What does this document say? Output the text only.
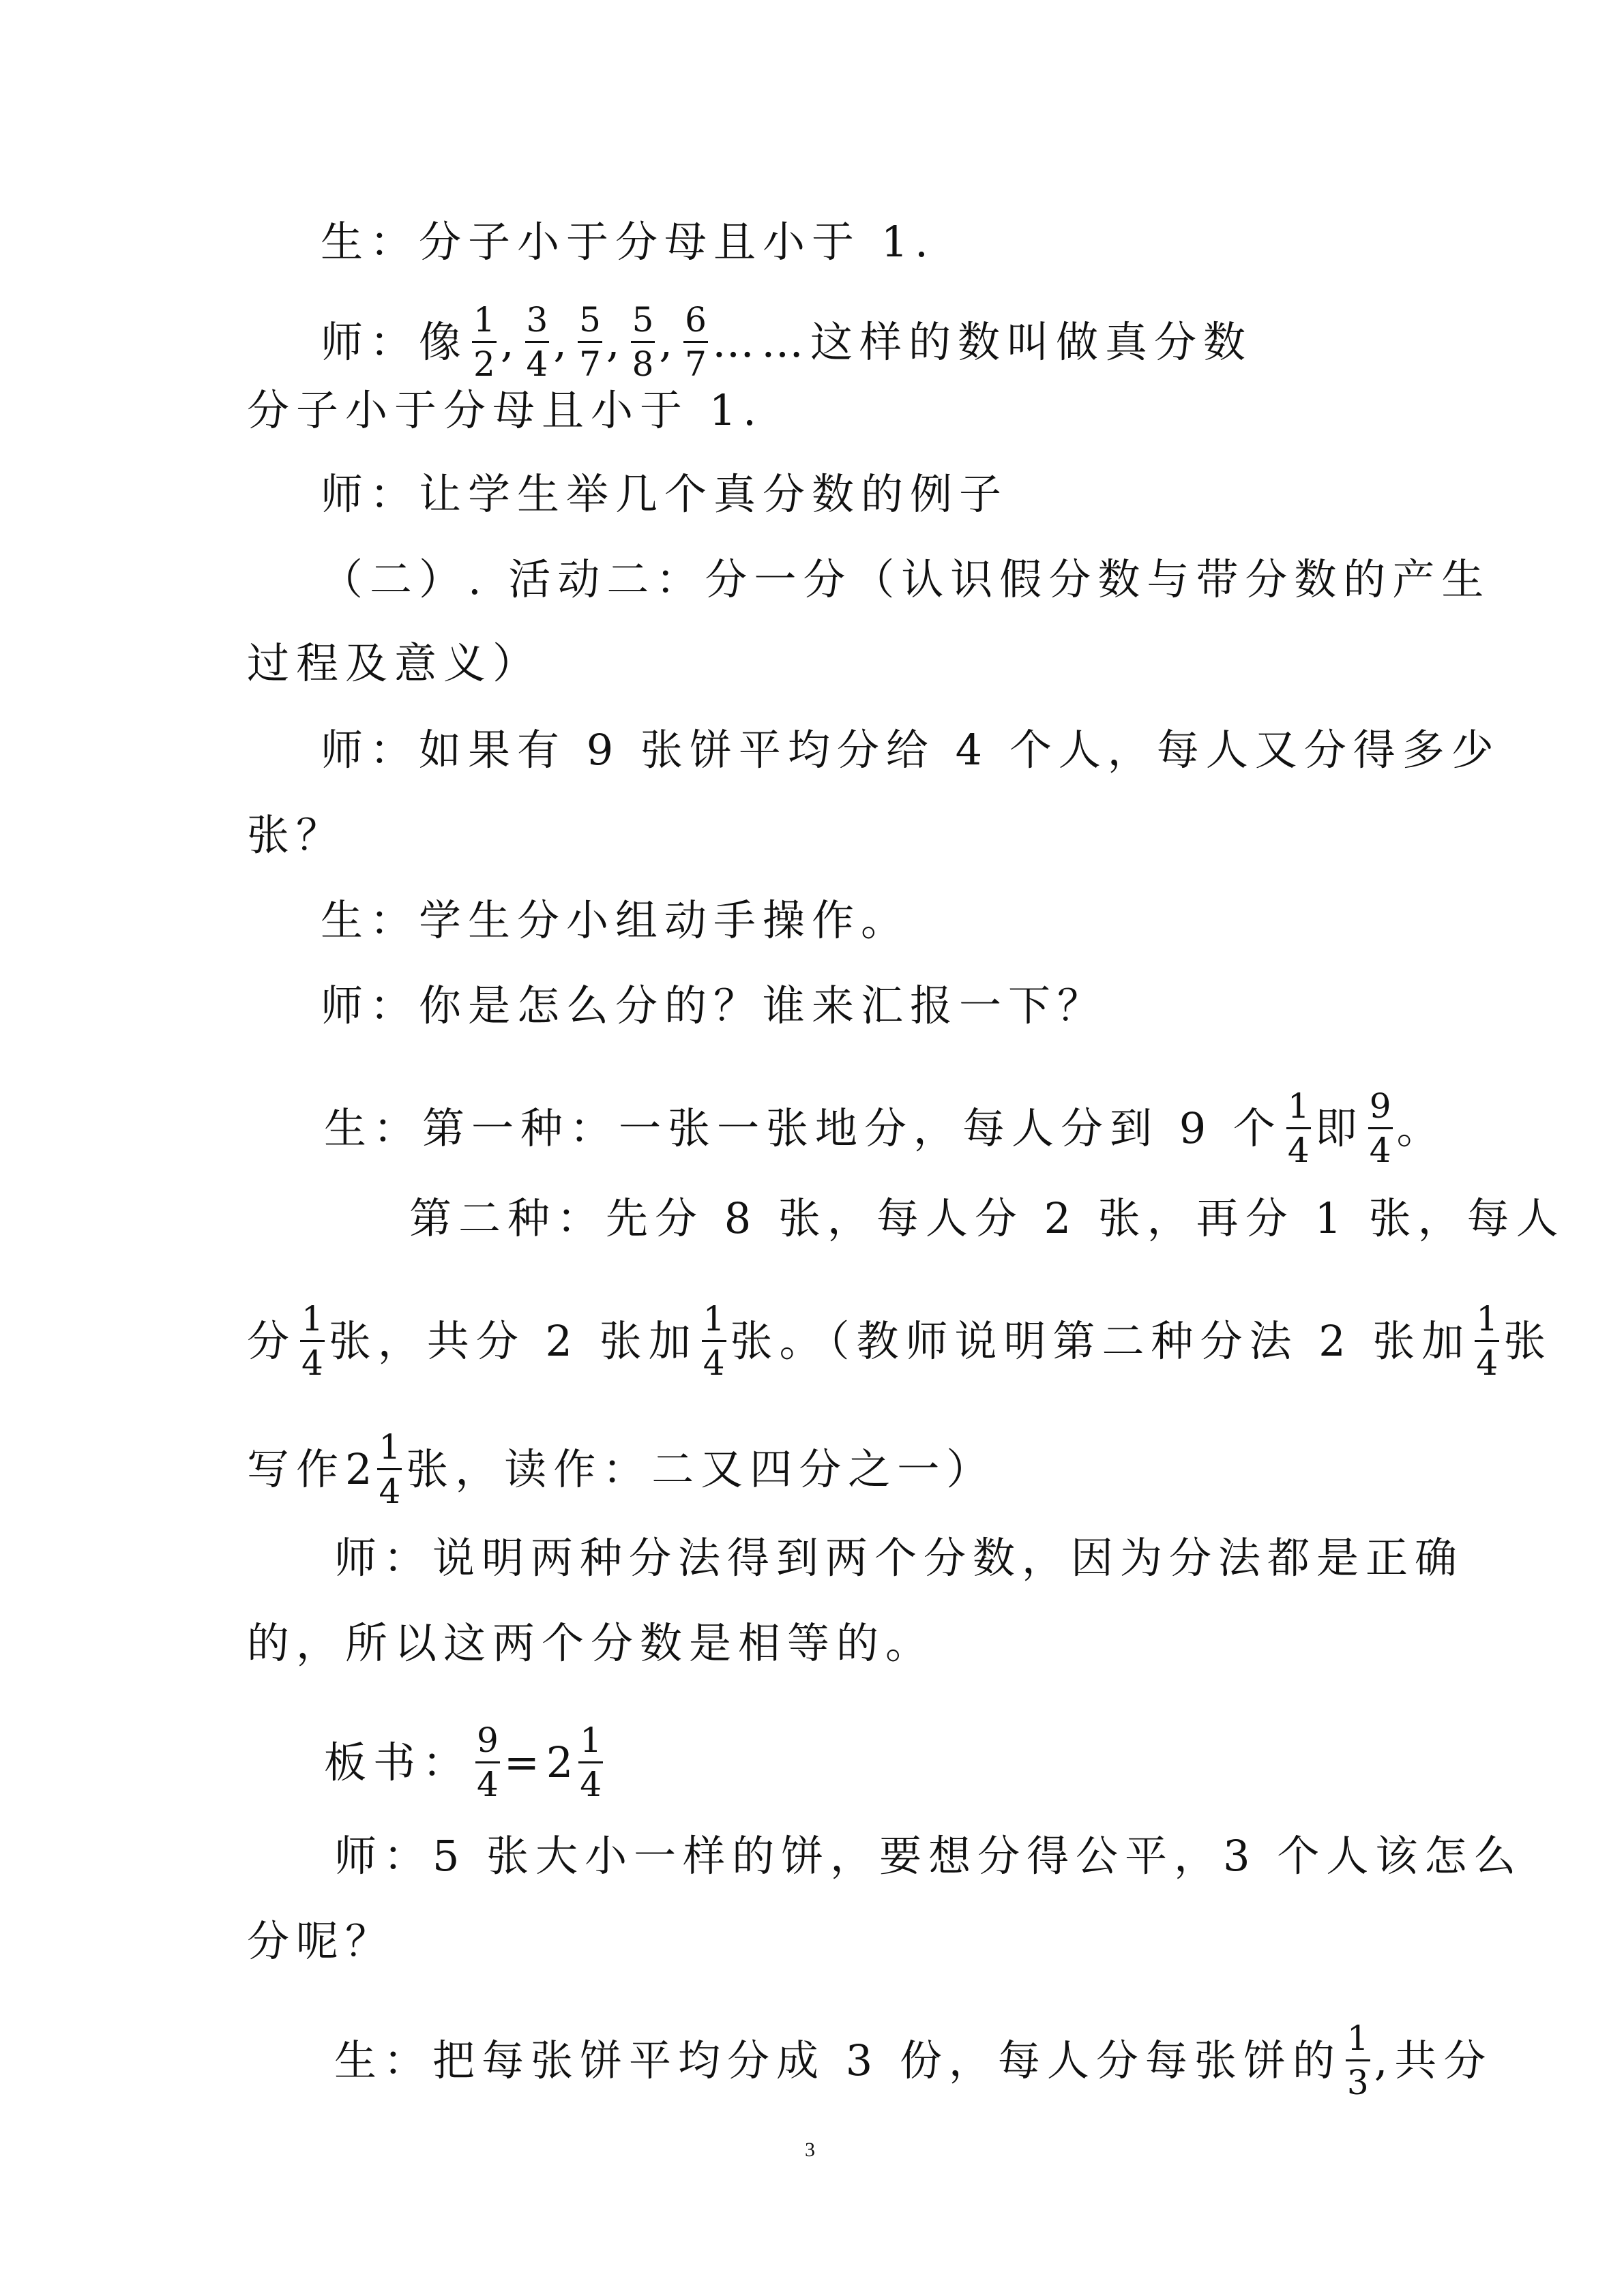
生：分子小于分母且小于 1.
师：像 $\frac{1}{2}$ , $\frac{3}{4}$ , $\frac{5}{7}$ , $\frac{5}{8}$ , $\frac{6}{7}$ ……这样的数叫做真分数
分子小于分母且小于 1.
师：让学生举几个真分数的例子
（二）. 活动二：分一分（认识假分数与带分数的产生
过程及意义）
师：如果有 9 张饼平均分给 4 个人，每人又分得多少
张？
生：学生分小组动手操作。
师：你是怎么分的？谁来汇报一下？
生：第一种：一张一张地分，每人分到 9 个 $\frac{1}{4}$ 即 $\frac{9}{4}$ 。
第二种：先分 8 张，每人分 2 张，再分 1 张，每人
分 $\frac{1}{4}$ 张，共分 2 张加 $\frac{1}{4}$ 张。（教师说明第二种分法 2 张加 $\frac{1}{4}$ 张
写作 $2 \frac{1}{4}$ 张，读作：二又四分之一）
师：说明两种分法得到两个分数，因为分法都是正确
的，所以这两个分数是相等的。
板书： $\frac{9}{4} = 2 \frac{1}{4}$
师：5 张大小一样的饼，要想分得公平，3 个人该怎么
分呢？
生：把每张饼平均分成 3 份，每人分每张饼的 $\frac{1}{3}$ ,共分
3
